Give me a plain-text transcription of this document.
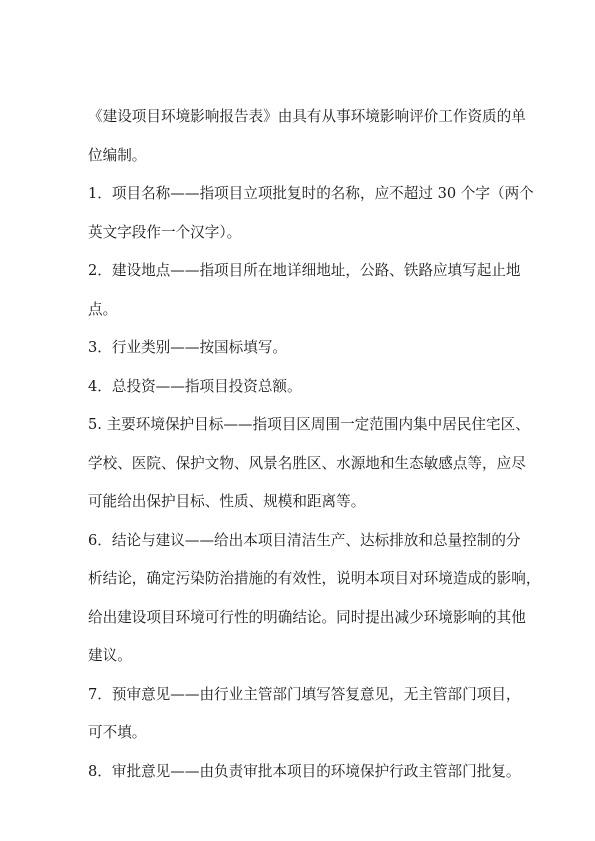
《建设项目环境影响报告表》由具有从事环境影响评价工作资质的单
位编制。

1．项目名称——指项目立项批复时的名称，应不超过 30 个字（两个
英文字段作一个汉字）。

2．建设地点——指项目所在地详细地址，公路、铁路应填写起止地
点。

3．行业类别——按国标填写。

4．总投资——指项目投资总额。

5. 主要环境保护目标——指项目区周围一定范围内集中居民住宅区、
学校、医院、保护文物、风景名胜区、水源地和生态敏感点等，应尽
可能给出保护目标、性质、规模和距离等。

6．结论与建议——给出本项目清洁生产、达标排放和总量控制的分
析结论，确定污染防治措施的有效性，说明本项目对环境造成的影响，
给出建设项目环境可行性的明确结论。同时提出减少环境影响的其他
建议。

7．预审意见——由行业主管部门填写答复意见，无主管部门项目，
可不填。

8．审批意见——由负责审批本项目的环境保护行政主管部门批复。
